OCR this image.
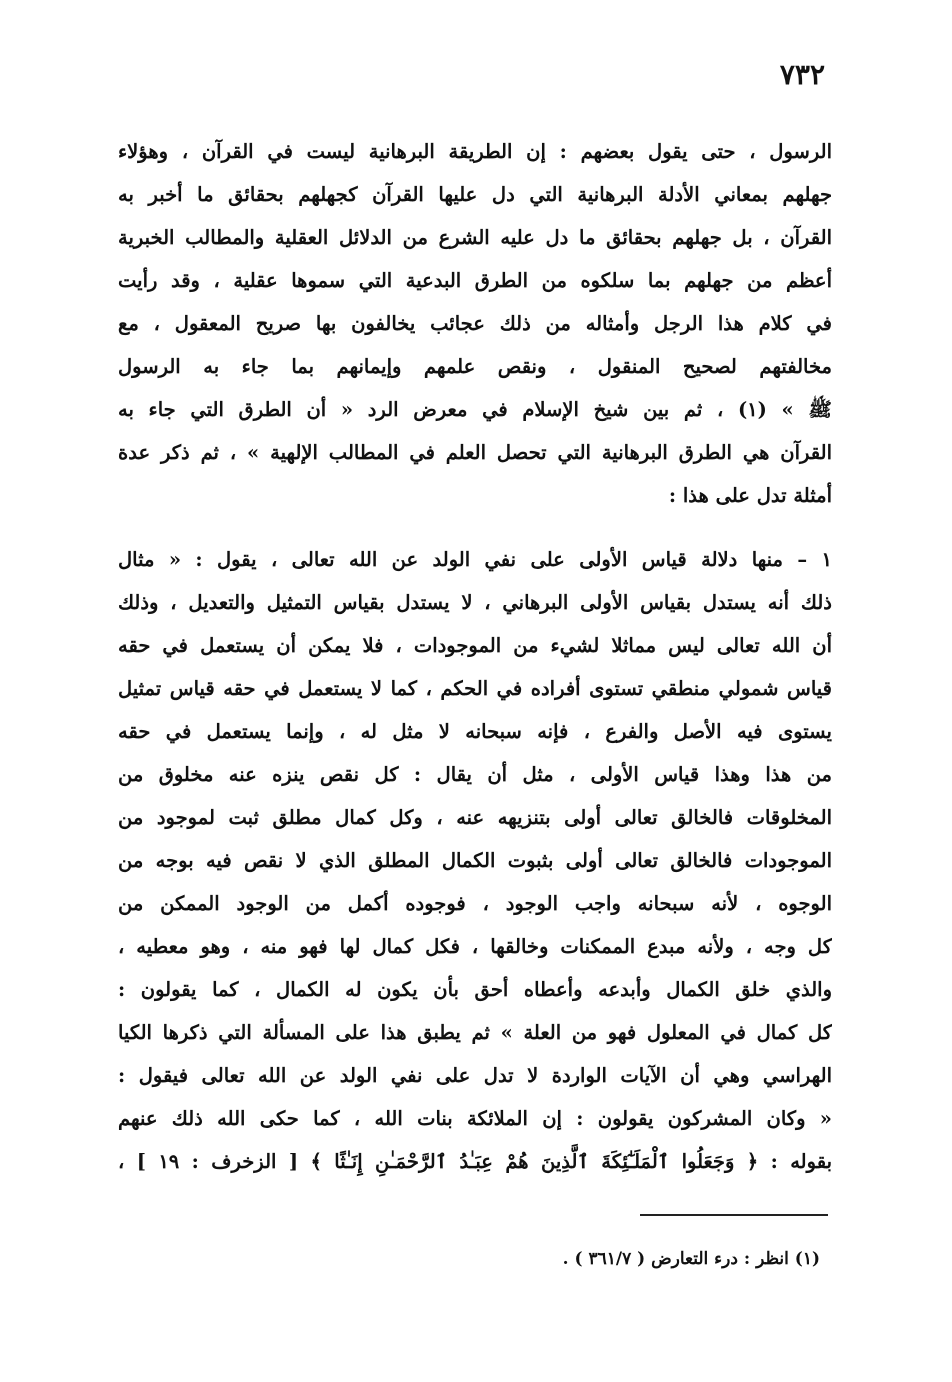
٧٣٢
الرسول ، حتى يقول بعضهم : إن الطريقة البرهانية ليست في القرآن ، وهؤلاء
جهلهم بمعاني الأدلة البرهانية التي دل عليها القرآن كجهلهم بحقائق ما أخبر به
القرآن ، بل جهلهم بحقائق ما دل عليه الشرع من الدلائل العقلية والمطالب الخبرية
أعظم من جهلهم بما سلكوه من الطرق البدعية التي سموها عقلية ، وقد رأيت
في كلام هذا الرجل وأمثاله من ذلك عجائب يخالفون بها صريح المعقول ، مع
مخالفتهم لصحيح المنقول ، ونقص علمهم وإيمانهم بما جاء به الرسول
ﷺ » (١) ، ثم بين شيخ الإسلام في معرض الرد « أن الطرق التي جاء به
القرآن هي الطرق البرهانية التي تحصل العلم في المطالب الإلهية » ، ثم ذكر عدة
أمثلة تدل على هذا :
١ – منها دلالة قياس الأولى على نفي الولد عن الله تعالى ، يقول : « مثال
ذلك أنه يستدل بقياس الأولى البرهاني ، لا يستدل بقياس التمثيل والتعديل ، وذلك
أن الله تعالى ليس مماثلا لشيء من الموجودات ، فلا يمكن أن يستعمل في حقه
قياس شمولي منطقي تستوى أفراده في الحكم ، كما لا يستعمل في حقه قياس تمثيل
يستوى فيه الأصل والفرع ، فإنه سبحانه لا مثل له ، وإنما يستعمل في حقه
من هذا وهذا قياس الأولى ، مثل أن يقال : كل نقص ينزه عنه مخلوق من
المخلوقات فالخالق تعالى أولى بتنزيهه عنه ، وكل كمال مطلق ثبت لموجود من
الموجودات فالخالق تعالى أولى بثبوت الكمال المطلق الذي لا نقص فيه بوجه من
الوجوه ، لأنه سبحانه واجب الوجود ، فوجوده أكمل من الوجود الممكن من
كل وجه ، ولأنه مبدع الممكنات وخالقها ، فكل كمال لها فهو منه ، وهو معطيه ،
والذي خلق الكمال وأبدعه وأعطاه أحق بأن يكون له الكمال ، كما يقولون :
كل كمال في المعلول فهو من العلة » ثم يطبق هذا على المسألة التي ذكرها الكيا
الهراسي وهي أن الآيات الواردة لا تدل على نفي الولد عن الله تعالى فيقول :
« وكان المشركون يقولون : إن الملائكة بنات الله ، كما حكى الله ذلك عنهم
بقوله : ﴿ وَجَعَلُوا ٱلْمَلَـٰٓئِكَةَ ٱلَّذِينَ هُمْ عِبَـٰدُ ٱلرَّحْمَـٰنِ إِنَـٰثًا ﴾ [ الزخرف : ١٩ ] ،
(١) انظر : درء التعارض ( ٣٦١/٧ ) .
